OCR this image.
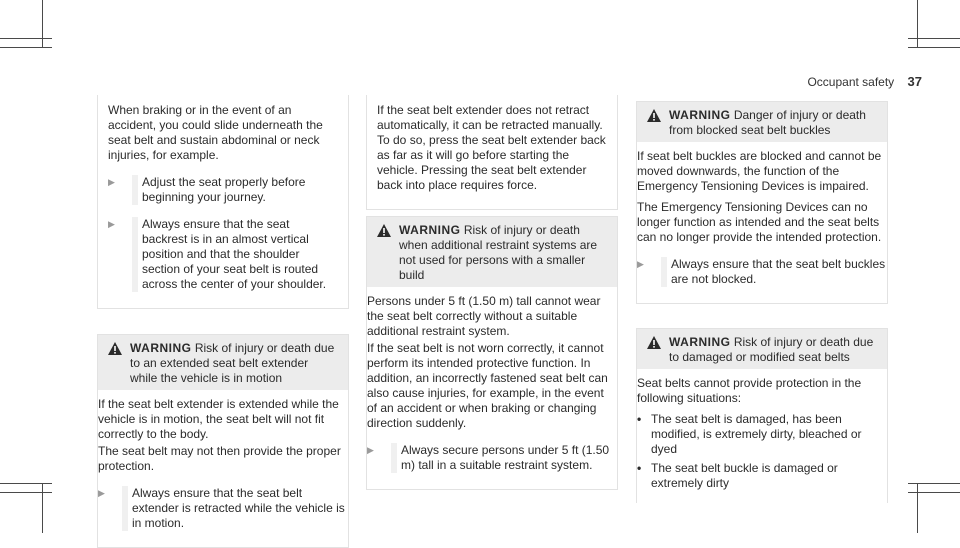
Occupant safety 37

When braking or in the event of an accident, you could slide underneath the seat belt and sustain abdominal or neck injuries, for example.

▶	Adjust the seat properly before beginning your journey.
▶	Always ensure that the seat backrest is in an almost vertical position and that the shoulder section of your seat belt is routed across the center of your shoulder.
WARNING Risk of injury or death due to an extended seat belt extender while the vehicle is in motion

If the seat belt extender is extended while the vehicle is in motion, the seat belt will not fit correctly to the body.

The seat belt may not then provide the proper protection.

▶	Always ensure that the seat belt extender is retracted while the vehicle is in motion.

If the seat belt extender does not retract automatically, it can be retracted manually. To do so, press the seat belt extender back as far as it will go before starting the vehicle. Pressing the seat belt extender back into place requires force.

WARNING Risk of injury or death when additional restraint systems are not used for persons with a smaller build

Persons under 5 ft (1.50 m) tall cannot wear the seat belt correctly without a suitable additional restraint system.

If the seat belt is not worn correctly, it cannot perform its intended protective function. In addition, an incorrectly fastened seat belt can also cause injuries, for example, in the event of an accident or when braking or changing direction suddenly.

▶	Always secure persons under 5 ft (1.50 m) tall in a suitable restraint system.
WARNING Danger of injury or death from blocked seat belt buckles

If seat belt buckles are blocked and cannot be moved downwards, the function of the Emergency Tensioning Devices is impaired.

The Emergency Tensioning Devices can no longer function as intended and the seat belts can no longer provide the intended protection.

▶	Always ensure that the seat belt buckles are not blocked.
WARNING Risk of injury or death due to damaged or modified seat belts

Seat belts cannot provide protection in the following situations:

• The seat belt is damaged, has been modified, is extremely dirty, bleached or dyed
• The seat belt buckle is damaged or extremely dirty
